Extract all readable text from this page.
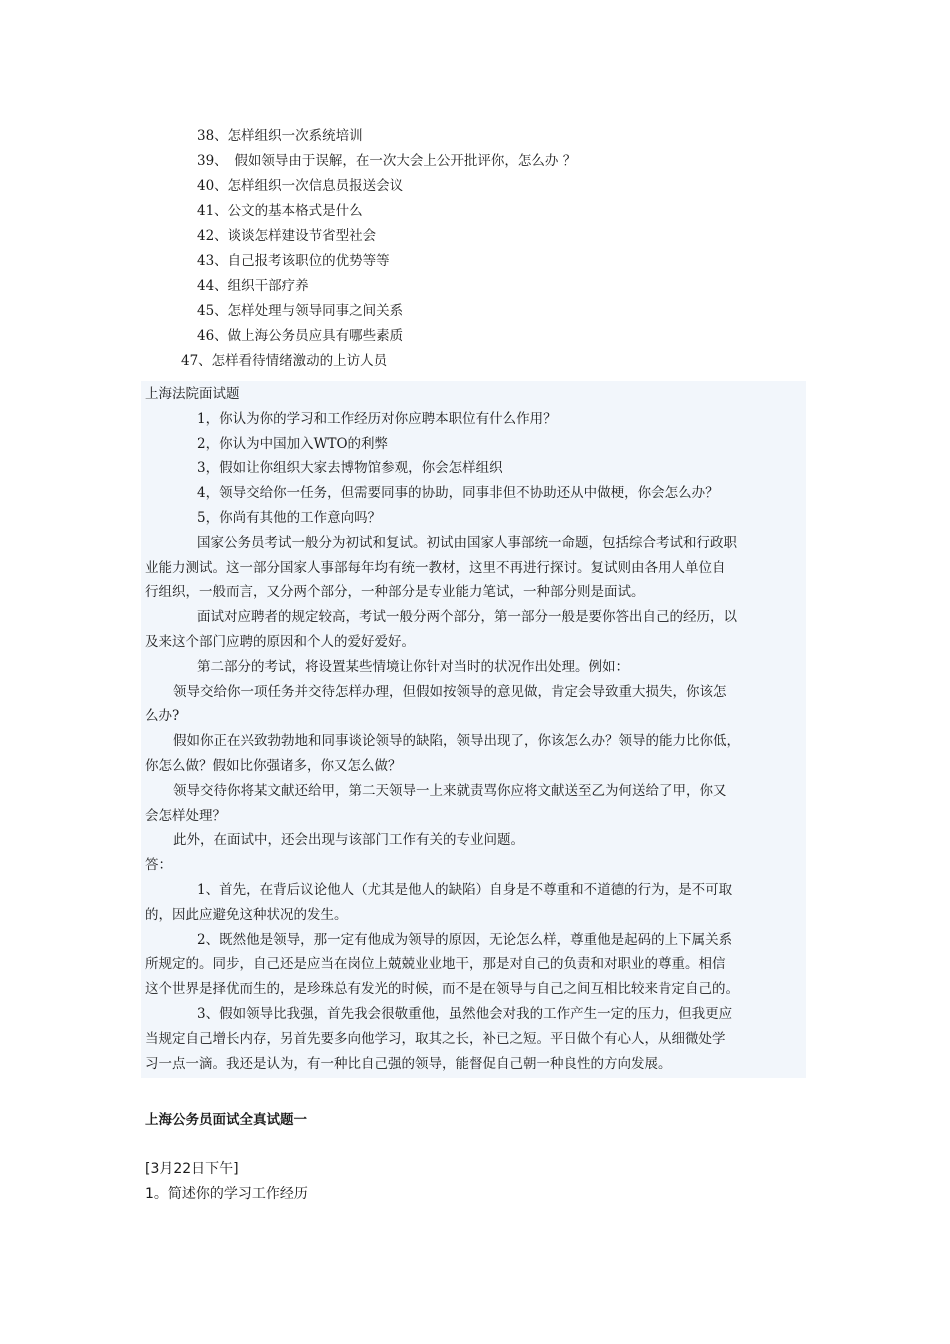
38、怎样组织一次系统培训
39、　假如领导由于误解，在一次大会上公开批评你，怎么办 ？
40、怎样组织一次信息员报送会议
41、公文的基本格式是什么
42、谈谈怎样建设节省型社会
43、自己报考该职位的优势等等
44、组织干部疗养
45、怎样处理与领导同事之间关系
46、做上海公务员应具有哪些素质
47、怎样看待情绪激动的上访人员
上海法院面试题
1，你认为你的学习和工作经历对你应聘本职位有什么作用？
2，你认为中国加入WTO的利弊
3，假如让你组织大家去博物馆参观，你会怎样组织
4，领导交给你一任务，但需要同事的协助，同事非但不协助还从中做梗，你会怎么办？
5，你尚有其他的工作意向吗？
国家公务员考试一般分为初试和复试。初试由国家人事部统一命题，包括综合考试和行政职
业能力测试。这一部分国家人事部每年均有统一教材，这里不再进行探讨。复试则由各用人单位自
行组织，一般而言，又分两个部分，一种部分是专业能力笔试，一种部分则是面试。
面试对应聘者的规定较高，考试一般分两个部分，第一部分一般是要你答出自己的经历，以
及来这个部门应聘的原因和个人的爱好爱好。
第二部分的考试，将设置某些情境让你针对当时的状况作出处理。例如：
领导交给你一项任务并交待怎样办理，但假如按领导的意见做，肯定会导致重大损失，你该怎
么办?
假如你正在兴致勃勃地和同事谈论领导的缺陷，领导出现了，你该怎么办？领导的能力比你低，
你怎么做？假如比你强诸多，你又怎么做？
领导交待你将某文献还给甲，第二天领导一上来就责骂你应将文献送至乙为何送给了甲，你又
会怎样处理？
此外，在面试中，还会出现与该部门工作有关的专业问题。
答：
1、首先，在背后议论他人（尤其是他人的缺陷）自身是不尊重和不道德的行为，是不可取
的，因此应避免这种状况的发生。
2、既然他是领导，那一定有他成为领导的原因，无论怎么样，尊重他是起码的上下属关系
所规定的。同步，自己还是应当在岗位上兢兢业业地干，那是对自己的负责和对职业的尊重。相信
这个世界是择优而生的，是珍珠总有发光的时候，而不是在领导与自己之间互相比较来肯定自己的。
3、假如领导比我强，首先我会很敬重他，虽然他会对我的工作产生一定的压力，但我更应
当规定自己增长内存，另首先要多向他学习，取其之长，补已之短。平日做个有心人，从细微处学
习一点一滴。我还是认为，有一种比自己强的领导，能督促自己朝一种良性的方向发展。
上海公务员面试全真试题一
[3月22日下午]
1。简述你的学习工作经历
